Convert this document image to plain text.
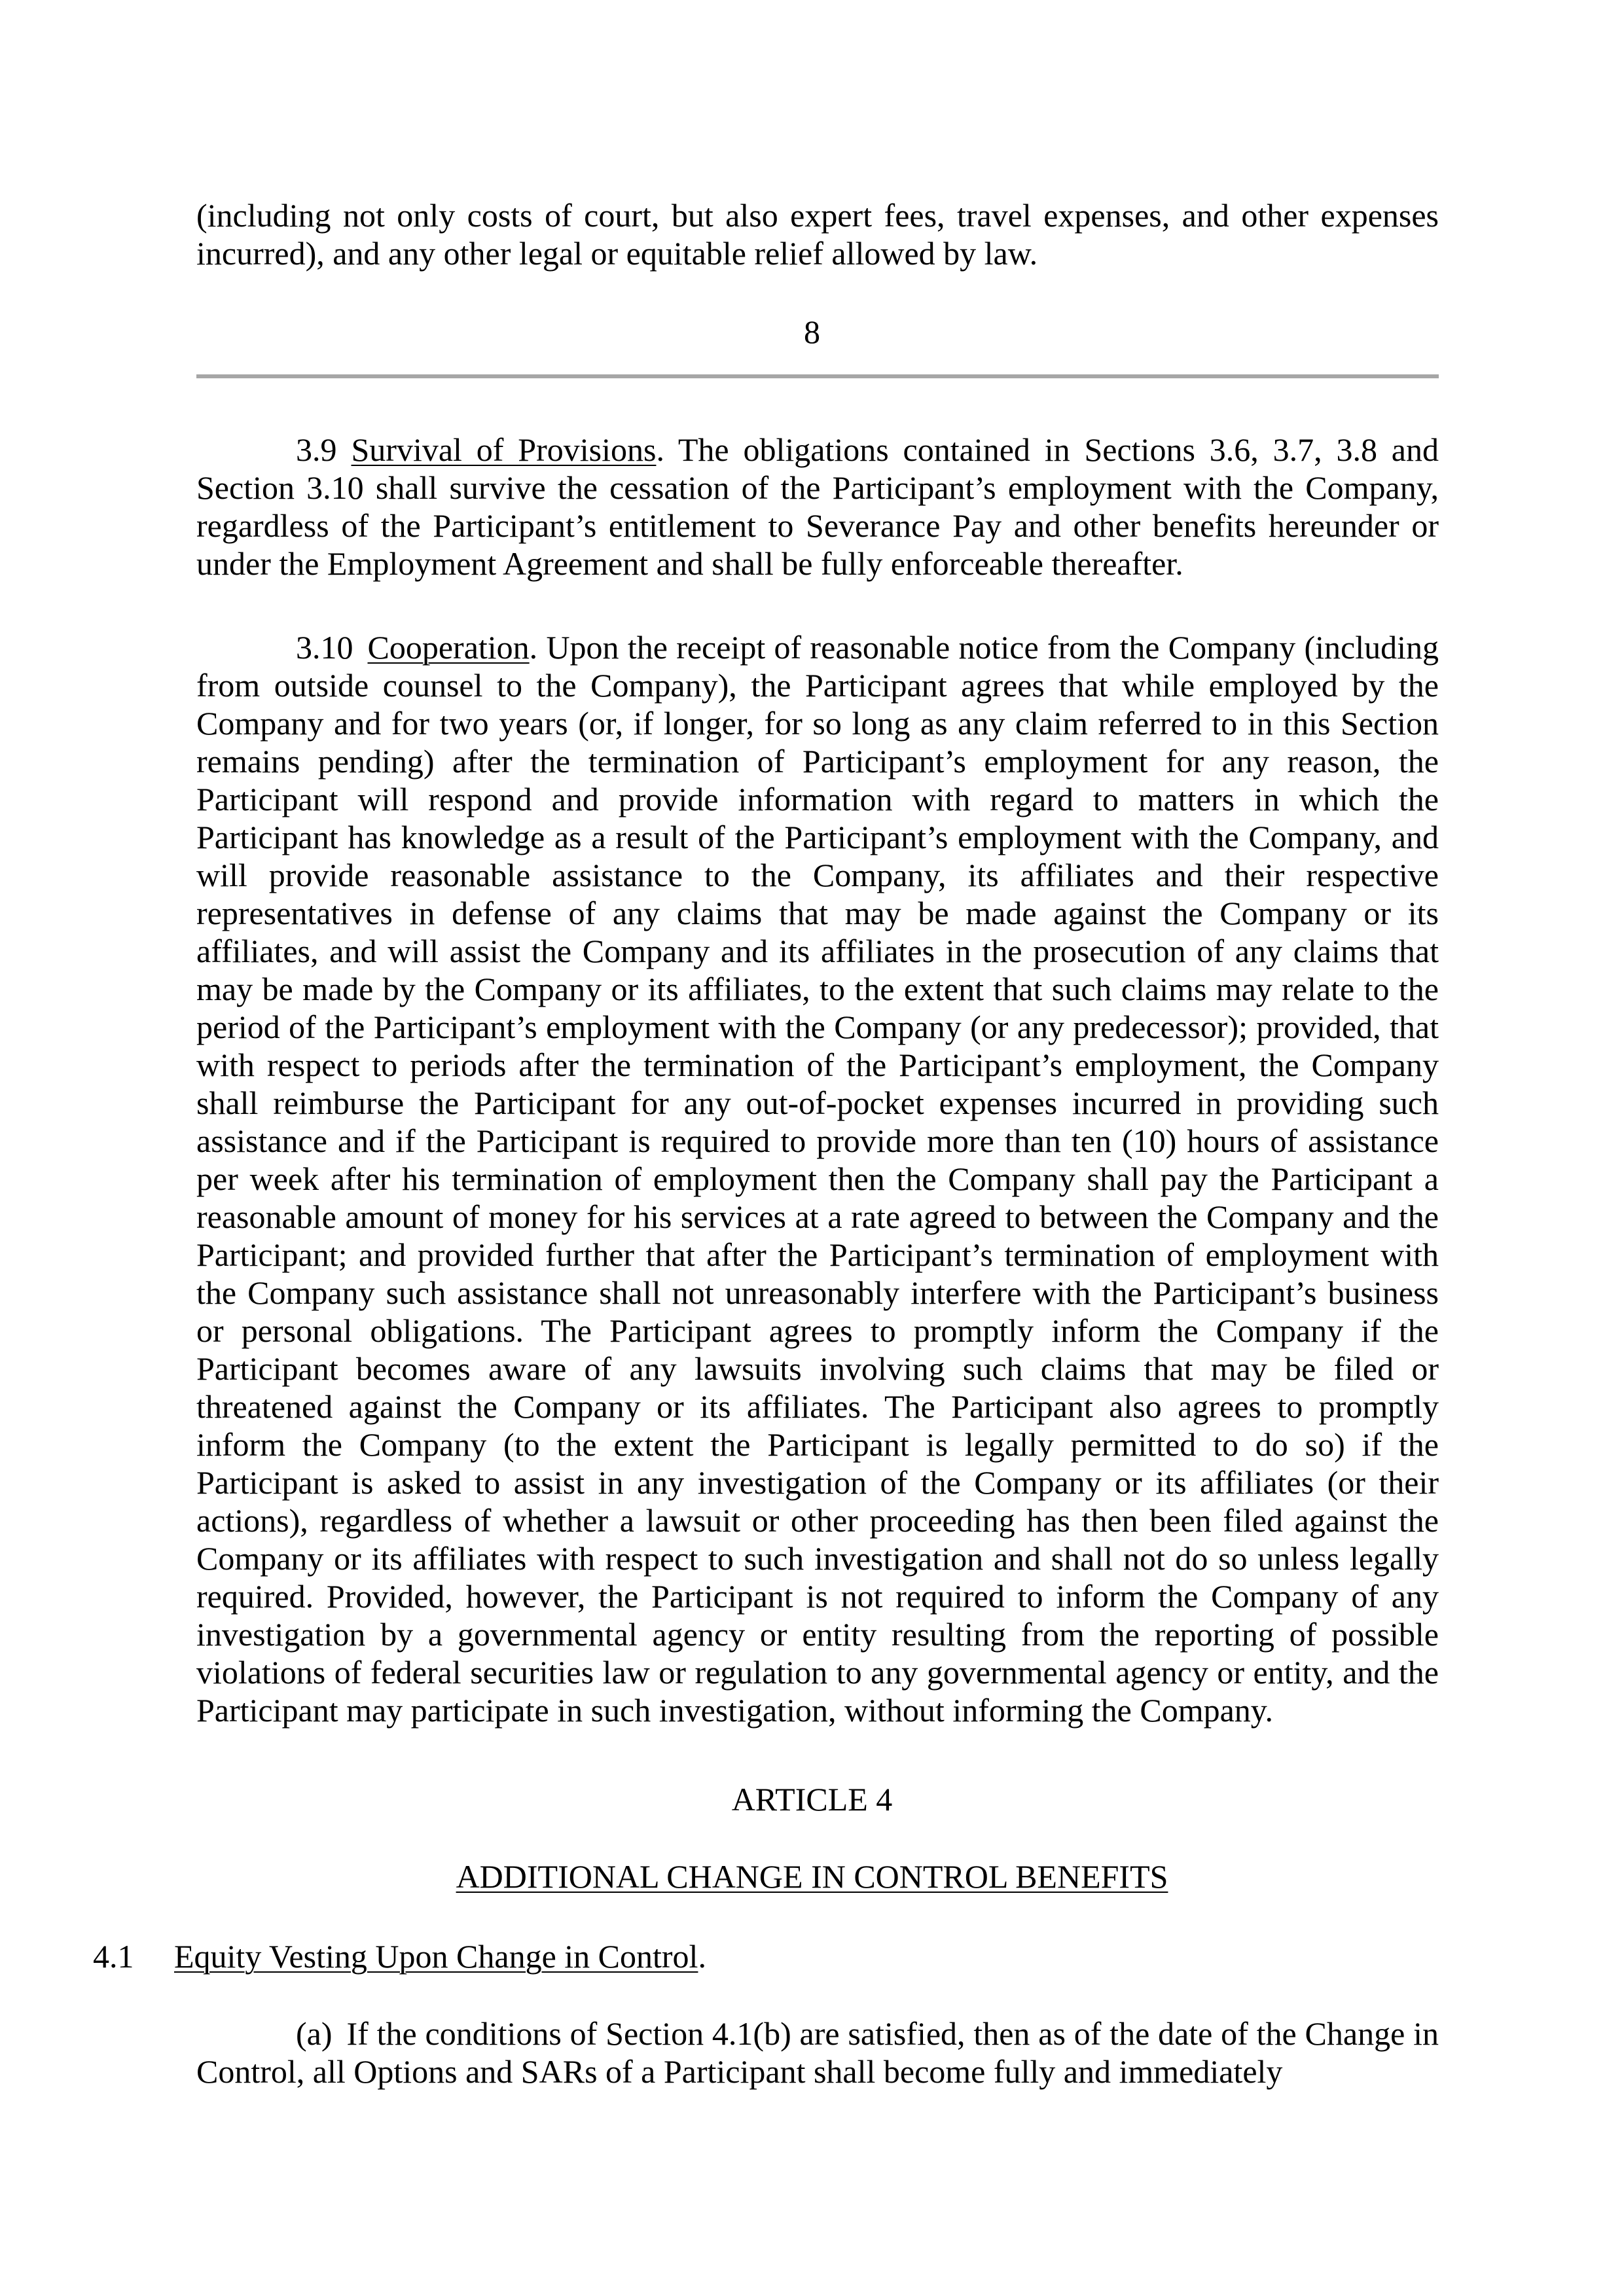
(including not only costs of court, but also expert fees, travel expenses, and other expenses incurred), and any other legal or equitable relief allowed by law.

8

3.9 Survival of Provisions. The obligations contained in Sections 3.6, 3.7, 3.8 and Section 3.10 shall survive the cessation of the Participant’s employment with the Company, regardless of the Participant’s entitlement to Severance Pay and other benefits hereunder or under the Employment Agreement and shall be fully enforceable thereafter.

3.10 Cooperation. Upon the receipt of reasonable notice from the Company (including from outside counsel to the Company), the Participant agrees that while employed by the Company and for two years (or, if longer, for so long as any claim referred to in this Section remains pending) after the termination of Participant’s employment for any reason, the Participant will respond and provide information with regard to matters in which the Participant has knowledge as a result of the Participant’s employment with the Company, and will provide reasonable assistance to the Company, its affiliates and their respective representatives in defense of any claims that may be made against the Company or its affiliates, and will assist the Company and its affiliates in the prosecution of any claims that may be made by the Company or its affiliates, to the extent that such claims may relate to the period of the Participant’s employment with the Company (or any predecessor); provided, that with respect to periods after the termination of the Participant’s employment, the Company shall reimburse the Participant for any out-of-pocket expenses incurred in providing such assistance and if the Participant is required to provide more than ten (10) hours of assistance per week after his termination of employment then the Company shall pay the Participant a reasonable amount of money for his services at a rate agreed to between the Company and the Participant; and provided further that after the Participant’s termination of employment with the Company such assistance shall not unreasonably interfere with the Participant’s business or personal obligations. The Participant agrees to promptly inform the Company if the Participant becomes aware of any lawsuits involving such claims that may be filed or threatened against the Company or its affiliates. The Participant also agrees to promptly inform the Company (to the extent the Participant is legally permitted to do so) if the Participant is asked to assist in any investigation of the Company or its affiliates (or their actions), regardless of whether a lawsuit or other proceeding has then been filed against the Company or its affiliates with respect to such investigation and shall not do so unless legally required. Provided, however, the Participant is not required to inform the Company of any investigation by a governmental agency or entity resulting from the reporting of possible violations of federal securities law or regulation to any governmental agency or entity, and the Participant may participate in such investigation, without informing the Company.

ARTICLE 4
ADDITIONAL CHANGE IN CONTROL BENEFITS
4.1 Equity Vesting Upon Change in Control.

(a) If the conditions of Section 4.1(b) are satisfied, then as of the date of the Change in Control, all Options and SARs of a Participant shall become fully and immediately
